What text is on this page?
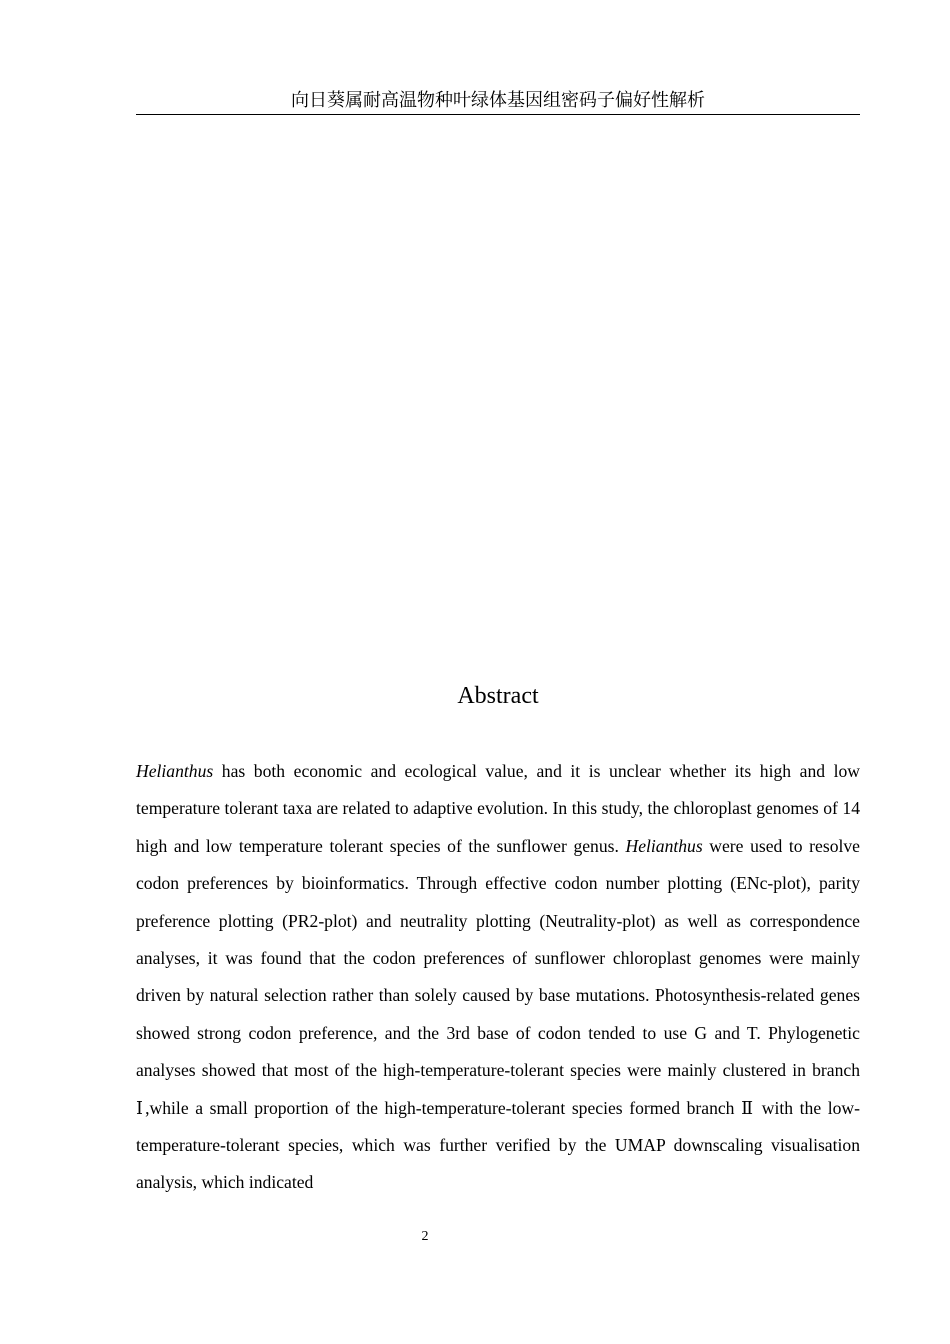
向日葵属耐高温物种叶绿体基因组密码子偏好性解析
Abstract

Helianthus has both economic and ecological value, and it is unclear whether its high and low temperature tolerant taxa are related to adaptive evolution. In this study, the chloroplast genomes of 14 high and low temperature tolerant species of the sunflower genus. Helianthus were used to resolve codon preferences by bioinformatics. Through effective codon number plotting (ENc-plot), parity preference plotting (PR2-plot) and neutrality plotting (Neutrality-plot) as well as correspondence analyses, it was found that the codon preferences of sunflower chloroplast genomes were mainly driven by natural selection rather than solely caused by base mutations. Photosynthesis-related genes showed strong codon preference, and the 3rd base of codon tended to use G and T. Phylogenetic analyses showed that most of the high-temperature-tolerant species were mainly clustered in branch Ⅰ,while a small proportion of the high-temperature-tolerant species formed branch Ⅱ with the low-temperature-tolerant species, which was further verified by the UMAP downscaling visualisation analysis, which indicated

2
